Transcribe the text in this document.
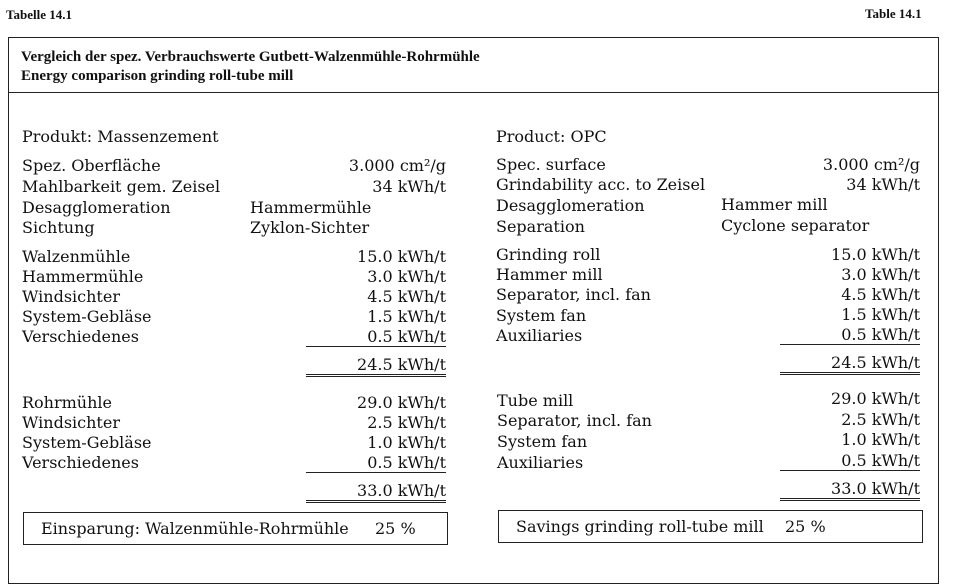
Tabelle 14.1	Table 14.1
Vergleich der spez. Verbrauchswerte Gutbett-Walzenmühle-Rohrmühle
Energy comparison grinding roll-tube mill
Produkt: Massenzement
Spez. Oberfläche	3.000 cm²/g
Mahlbarkeit gem. Zeisel	34 kWh/t
Desagglomeration	Hammermühle
Sichtung	Zyklon-Sichter
Walzenmühle	15.0 kWh/t
Hammermühle	3.0 kWh/t
Windsichter	4.5 kWh/t
System-Gebläse	1.5 kWh/t
Verschiedenes	0.5 kWh/t
24.5 kWh/t
Rohrmühle	29.0 kWh/t
Windsichter	2.5 kWh/t
System-Gebläse	1.0 kWh/t
Verschiedenes	0.5 kWh/t
33.0 kWh/t
Einsparung: Walzenmühle-Rohrmühle 25 %
Product: OPC
Spec. surface	3.000 cm²/g
Grindability acc. to Zeisel	34 kWh/t
Desagglomeration	Hammer mill
Separation	Cyclone separator
Grinding roll	15.0 kWh/t
Hammer mill	3.0 kWh/t
Separator, incl. fan	4.5 kWh/t
System fan	1.5 kWh/t
Auxiliaries	0.5 kWh/t
24.5 kWh/t
Tube mill	29.0 kWh/t
Separator, incl. fan	2.5 kWh/t
System fan	1.0 kWh/t
Auxiliaries	0.5 kWh/t
33.0 kWh/t
Savings grinding roll-tube mill 25 %
